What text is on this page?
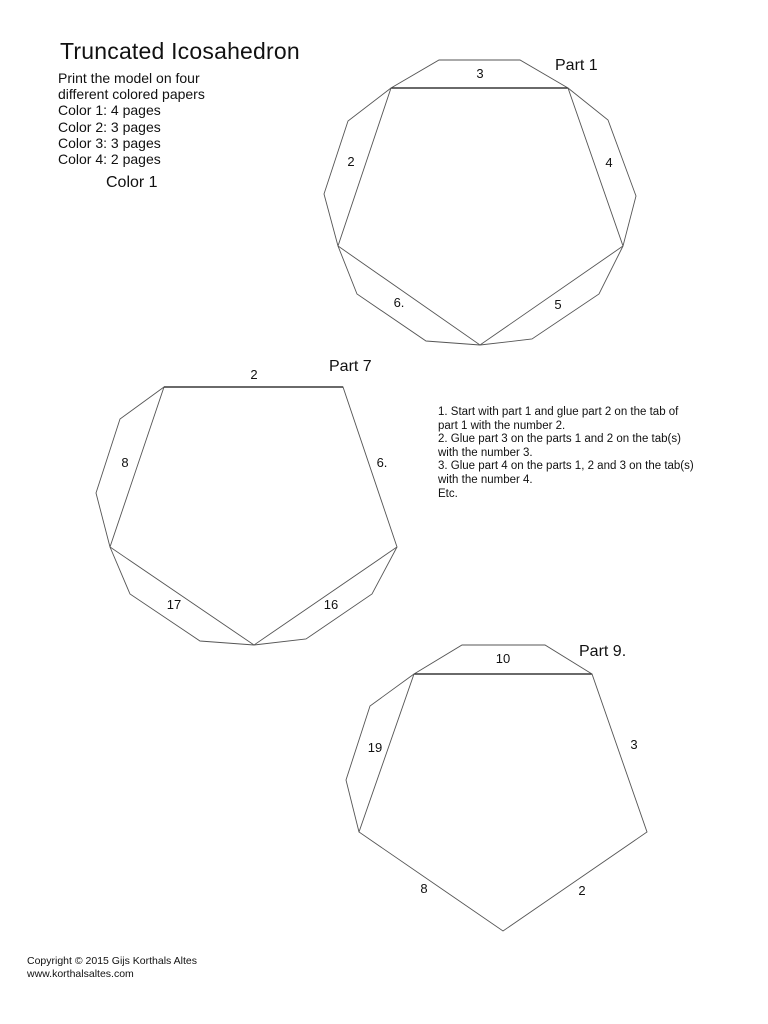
Truncated Icosahedron
Print the model on four
different colored papers
Color 1: 4 pages
Color 2: 3 pages
Color 3: 3 pages
Color 4: 2 pages
Color 1
3
4
5
6.
2
Part 1
2
6.
16
17
8
Part 7
10
3
2
8
19
Part 9.
1. Start with part 1 and glue part 2 on the tab of
part 1 with the number 2.
2. Glue part 3 on the parts 1 and 2 on the tab(s)
with the number 3.
3. Glue part 4 on the parts 1, 2 and 3 on the tab(s)
with the number 4.
Etc.
Copyright © 2015 Gijs Korthals Altes
www.korthalsaltes.com
